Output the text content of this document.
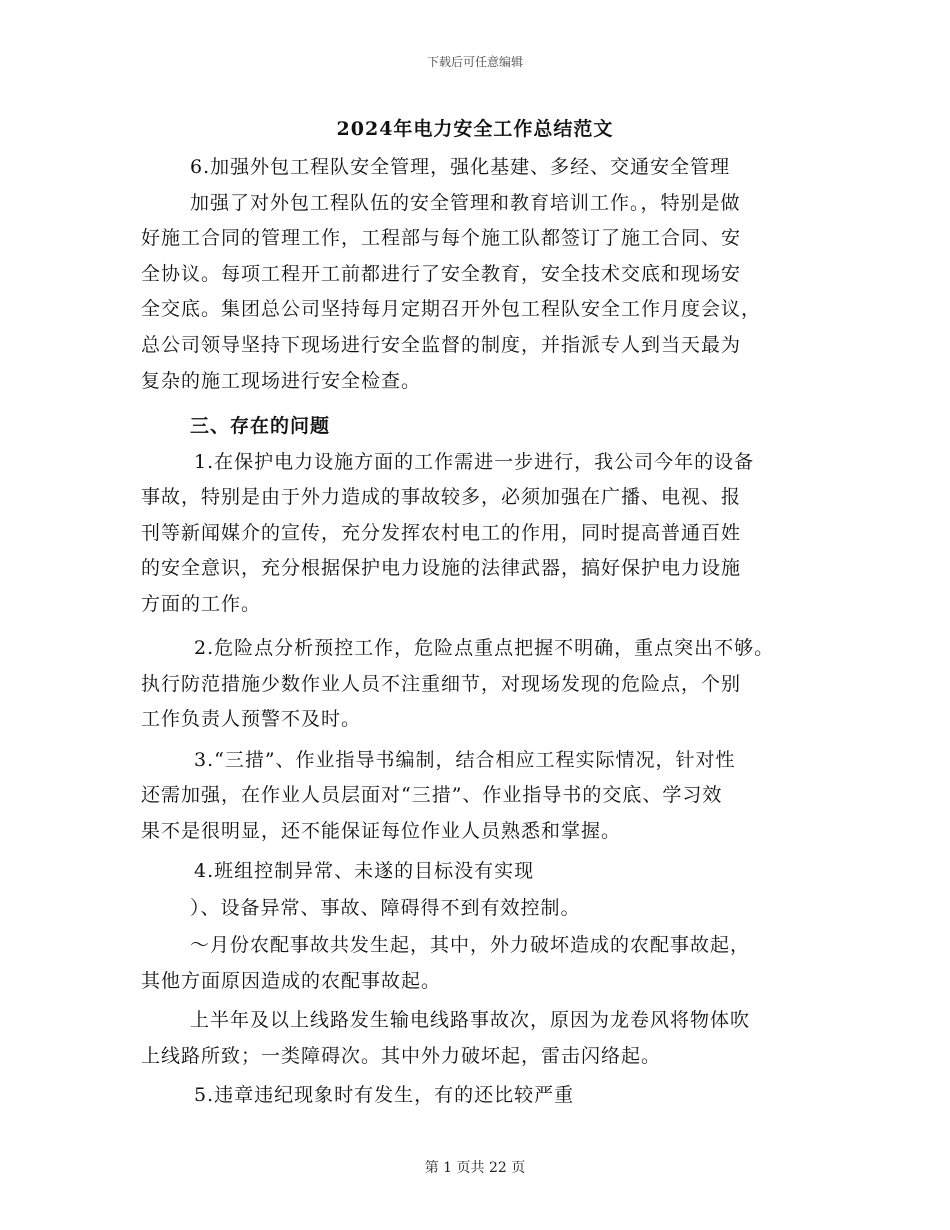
下载后可任意编辑
2024年电力安全工作总结范文
6.加强外包工程队安全管理，强化基建、多经、交通安全管理
加强了对外包工程队伍的安全管理和教育培训工作。，特别是做
好施工合同的管理工作，工程部与每个施工队都签订了施工合同、安
全协议。每项工程开工前都进行了安全教育，安全技术交底和现场安
全交底。集团总公司坚持每月定期召开外包工程队安全工作月度会议，
总公司领导坚持下现场进行安全监督的制度，并指派专人到当天最为
复杂的施工现场进行安全检查。
三、存在的问题
1.在保护电力设施方面的工作需进一步进行，我公司今年的设备
事故，特别是由于外力造成的事故较多，必须加强在广播、电视、报
刊等新闻媒介的宣传，充分发挥农村电工的作用，同时提高普通百姓
的安全意识，充分根据保护电力设施的法律武器，搞好保护电力设施
方面的工作。
2.危险点分析预控工作，危险点重点把握不明确，重点突出不够。
执行防范措施少数作业人员不注重细节，对现场发现的危险点，个别
工作负责人预警不及时。
3.“三措”、作业指导书编制，结合相应工程实际情况，针对性
还需加强，在作业人员层面对“三措”、作业指导书的交底、学习效
果不是很明显，还不能保证每位作业人员熟悉和掌握。
4.班组控制异常、未遂的目标没有实现
）、设备异常、事故、障碍得不到有效控制。
～月份农配事故共发生起，其中，外力破坏造成的农配事故起，
其他方面原因造成的农配事故起。
上半年及以上线路发生输电线路事故次，原因为龙卷风将物体吹
上线路所致；一类障碍次。其中外力破坏起，雷击闪络起。
5.违章违纪现象时有发生，有的还比较严重
第 1 页共 22 页
